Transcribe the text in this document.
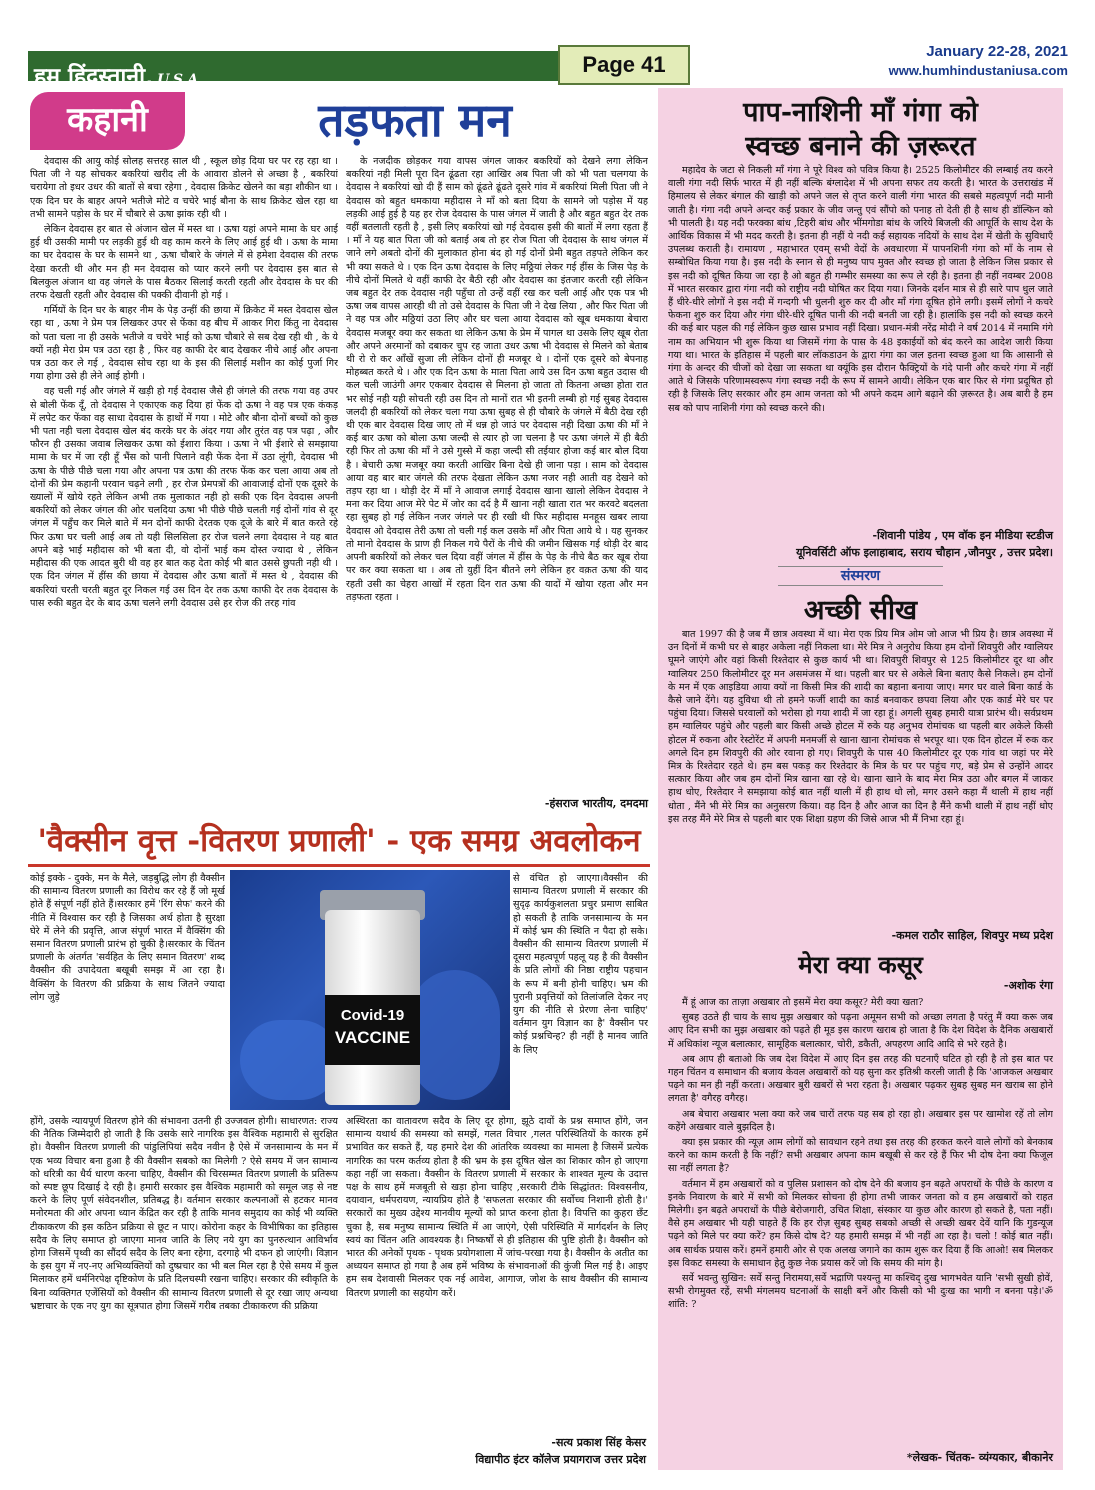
हम हिंदुस्तानी, U.S.A.
Page 41
January 22-28, 2021
www.humhindustaniusa.com
कहानी	तड़फता मन

देवदास की आयु कोई सोलह सत्तरह साल थी , स्कूल छोड़ दिया घर पर रह रहा था । पिता जी ने यह सोचकर बकरियां खरीद ली के आवारा डोलने से अच्छा है , बकरियां चरायेगा तो इधर उधर की बातों से बचा रहेगा , देवदास क्रिकेट खेलने का बड़ा शौकीन था । एक दिन घर के बाहर अपने भतीजे मोटे व चचेरे भाई बौना के साथ क्रिकेट खेल रहा था तभी सामने पड़ोस के घर में चौबारे से ऊषा झांक रही थी ।

लेकिन देवदास हर बात से अंजान खेल में मस्त था । ऊषा यहां अपने मामा के घर आई हुई थी उसकी मामी पर लड़की हुई थी वह काम करने के लिए आई हुई थी । ऊषा के मामा का घर देवदास के घर के सामने था , ऊषा चौबारे के जंगले में से हमेशा देवदास की तरफ देखा करती थी और मन ही मन देवदास को प्यार करने लगी पर देवदास इस बात से बिलकुल अंजान था वह जंगले के पास बैठकर सिलाई करती रहती और देवदास के घर की तरफ देखती रहती और देवदास की पक्की दीवानी हो गई ।

गर्मियों के दिन घर के बाहर नीम के पेड़ उन्हीं की छाया में क्रिकेट में मस्त देवदास खेल रहा था , ऊषा ने प्रेम पत्र लिखकर उपर से फेंका वह बीच में आकर गिरा किंतु ना देवदास को पता चला ना ही उसके भतीजे व चचेरे भाई को ऊषा चौबारे से सब देख रही थी , के ये क्यों नही मेरा प्रेम पत्र उठा रहा है , फिर वह काफी देर बाद देखकर नीचे आई और अपना पत्र उठा कर ले गई , देवदास सोच रहा था के इस की सिलाई मशीन का कोई पुर्जा गिर गया होगा उसे ही लेने आई होगी ।

वह चली गई और जंगले में खड़ी हो गई देवदास जैसे ही जंगले की तरफ गया वह उपर से बोली फेंक दूँ, तो देवदास ने एकाएक कह दिया हां फेंक दो ऊषा ने वह पत्र एक कंकड़ में लपेट कर फेंका वह साधा देवदास के हाथों में गया । मोटे और बौना दोनों बच्चों को कुछ भी पता नही चला देवदास खेल बंद करके घर के अंदर गया और तुरंत वह पत्र पढ़ा , और फौरन ही उसका जवाब लिखकर ऊषा को ईशारा किया । ऊषा ने भी ईशारे से समझाया मामा के घर में जा रही हूँ भैंस को पानी पिलाने वही फेंक देना में उठा लूंगी, देवदास भी ऊषा के पीछे पीछे चला गया और अपना पत्र ऊषा की तरफ फेंक कर चला आया अब तो दोनों की प्रेम कहानी परवान चढ़ने लगी , हर रोज प्रेमपत्रों की आवाजाई दोनों एक दूसरे के ख्यालों में खोये रहते लेकिन अभी तक मुलाकात नही हो सकी एक दिन देवदास अपनी बकरियों को लेकर जंगल की ओर चलदिया ऊषा भी पीछे पीछे चलती गई दोनों गांव से दूर जंगल में पहुँच कर मिले बाते में मन दोनों काफी देरतक एक दूजे के बारे में बात करते रहे फिर ऊषा घर चली आई अब तो यही सिलसिला हर रोज चलने लगा देवदास ने यह बात अपने बड़े भाई महीदास को भी बता दी, वो दोनों भाई कम दोस्त ज्यादा थे , लेकिन महीदास की एक आदत बुरी थी वह हर बात कह देता कोई भी बात उससे छुपती नही थी । एक दिन जंगल में हींस की छाया में देवदास और ऊषा बातों में मस्त थे , देवदास की बकरियां चरती चरती बहुत दूर निकल गई उस दिन देर तक ऊषा काफी देर तक देवदास के पास रुकी बहुत देर के बाद ऊषा चलने लगी देवदास उसे हर रोज की तरह गांव

के नजदीक छोड़कर गया वापस जंगल जाकर बकरियों को देखने लगा लेकिन बकरियां नही मिली पूरा दिन ढूंढता रहा आखिर अब पिता जी को भी पता चलगया के देवदास ने बकरियां खो दी हैं साम को ढूंढते ढूंढते दूसरे गांव में बकरियां मिली पिता जी ने देवदास को बहुत धमकाया महीदास ने माँ को बता दिया के सामने जो पड़ोस में यह लड़की आई हुई है यह हर रोज देवदास के पास जंगल में जाती है और बहुत बहुत देर तक वहीं बतलाती रहती है , इसी लिए बकरियां खो गई देवदास इसी की बातों में लगा रहता हैं । माँ ने यह बात पिता जी को बताई अब तो हर रोज पिता जी देवदास के साथ जंगल में जाने लगे अबतो दोनों की मुलाकात होना बंद हो गई दोनों प्रेमी बहुत तड़पते लेकिन कर भी क्या सकते थे । एक दिन ऊषा देवदास के लिए मठ्ठियां लेकर गई हींस के जिस पेड़ के नीचे दोनों मिलते थे वहीं काफी देर बैठी रही और देवदास का इंतजार करती रही लेकिन जब बहुत देर तक देवदास नही पहुँचा तो उन्हें वहीं रख कर चली आई और एक पत्र भी ऊषा जब वापस आरही थी तो उसे देवदास के पिता जी ने देख लिया , और फिर पिता जी ने वह पत्र और मठ्ठियां उठा लिए और घर चला आया देवदास को खूब धमकाया बेचारा देवदास मजबूर क्या कर सकता था लेकिन ऊषा के प्रेम में पागल था उसके लिए खूब रोता और अपने अरमानों को दबाकर चुप रह जाता उधर ऊषा भी देवदास से मिलने को बेताब थी रो रो कर आँखें सुजा ली लेकिन दोनों ही मजबूर थे । दोनों एक दूसरे को बेपनाह मोहब्बत करते थे । और एक दिन ऊषा के माता पिता आये उस दिन ऊषा बहुत उदास थी कल चली जाउंगी अगर एकबार देवदास से मिलना हो जाता तो कितना अच्छा होता रात भर सोई नही यही सोचती रही उस दिन तो मानों रात भी इतनी लम्बी हो गई सुबह देवदास जलदी ही बकरियों को लेकर चला गया ऊषा सुबह से ही चौबारे के जंगले में बैठी देख रही थी एक बार देवदास दिख जाए तो में धन्न हो जाउं पर देवदास नही दिखा ऊषा की माँ ने कई बार ऊषा को बोला ऊषा जल्दी से त्यार हो जा चलना है पर ऊषा जंगले में ही बैठी रही फिर तो ऊषा की माँ ने उसे गुस्से में कहा जल्दी सी तईयार होजा कई बार बोल दिया है । बेचारी ऊषा मजबूर क्या करती आखिर बिना देखे ही जाना पड़ा । साम को देवदास आया वह बार बार जंगले की तरफ देखता लेकिन ऊषा नजर नही आती वह देखने को तड़प रहा था । थोड़ी देर में माँ ने आवाज लगाई देवदास खाना खालो लेकिन देवदास ने मना कर दिया आज मेरे पेट में जोर का दर्द है मैं खाना नही खाता रात भर करवटे बदलता रहा सुबह हो गई लेकिन नजर जंगले पर ही रखी थी फिर महीदास मनहूस खबर लाया देवदास ओ देवदास तेरी ऊषा तो चली गई कल उसके माँ और पिता आये थे । यह सुनकर तो मानो देवदास के प्राण ही निकल गये पैरों के नीचे की जमीन खिसक गई थोड़ी देर बाद अपनी बकरियों को लेकर चल दिया वहीं जंगल में हींस के पेड़ के नीचे बैठ कर खूब रोया पर कर क्या सकता था । अब तो युहीं दिन बीतने लगे लेकिन हर वक़त ऊषा की याद रहती उसी का चेहरा आखों में रहता दिन रात ऊषा की यादों में खोया रहता और मन तड़फता रहता ।

-हंसराज भारतीय, दमदमा
'वैक्सीन वृत्त -वितरण प्रणाली' - एक समग्र अवलोकन
Covid-19
VACCINE
कोई इक्के - दुक्के, मन के मैले, जड़बुद्धि लोग ही वैक्सीन की सामान्य वितरण प्रणाली का विरोध कर रहे हैं जो मूर्ख होते हैं संपूर्ण नहीं होते हैं।सरकार हमें 'रिंग सेफ' करने की नीति में विश्वास कर रही है जिसका अर्थ होता है सुरक्षा घेरे में लेने की प्रवृत्ति, आज संपूर्ण भारत में वैक्सिंग की समान वितरण प्रणाली प्रारंभ हो चुकी है।सरकार के चिंतन प्रणाली के अंतर्गत 'सर्वहित के लिए समान वितरण' शब्द वैक्सीन की उपादेयता बखूबी समझ में आ रहा है। वैक्सिंग के वितरण की प्रक्रिया के साथ जितने ज्यादा लोग जुड़े
से वंचित हो जाएगा।वैक्सीन की सामान्य वितरण प्रणाली में सरकार की सुदृढ़ कार्यकुशलता प्रचुर प्रमाण साबित हो सकती है ताकि जनसामान्य के मन में कोई भ्रम की स्थिति न पैदा हो सके। वैक्सीन की सामान्य वितरण प्रणाली में दूसरा महत्वपूर्ण पहलू यह है की वैक्सीन के प्रति लोगों की निष्ठा राष्ट्रीय पहचान के रूप में बनी होनी चाहिए। भ्रम की पुरानी प्रवृत्तियों को तिलांजलि देकर नए युग की नीति से प्रेरणा लेना चाहिए' वर्तमान युग विज्ञान का है' वैक्सीन पर कोई प्रश्नचिन्ह? ही नहीं है मानव जाति के लिए
होंगे, उसके न्यायपूर्ण वितरण होने की संभावना उतनी ही उज्जवल होगी। साधारणत: राज्य की नैतिक जिम्मेदारी हो जाती है कि उसके सारे नागरिक इस वैश्विक महामारी से सुरक्षित हो। वैक्सीन वितरण प्रणाली की पांडुलिपियां सदैव नवीन है ऐसे में जनसामान्य के मन में एक भव्य विचार बना हुआ है की वैक्सीन सबको का मिलेगी ? ऐसे समय में जन सामान्य को धरित्री का धैर्य धारण करना चाहिए, वैक्सीन की चिरसम्मत वितरण प्रणाली के प्रतिरूप को स्पष्ट छूप दिखाई दे रही है। हमारी सरकार इस वैश्विक महामारी को समूल जड़ से नष्ट करने के लिए पूर्ण संवेदनशील, प्रतिबद्ध है। वर्तमान सरकार कल्पनाओं से हटकर मानव मनोरमता की ओर अपना ध्यान केंद्रित कर रही है ताकि मानव समुदाय का कोई भी व्यक्ति टीकाकरण की इस कठिन प्रक्रिया से छूट न पाए। कोरोना कहर के विभीषिका का इतिहास सदैव के लिए समाप्त हो जाएगा मानव जाति के लिए नये युग का पुनरुत्थान आविर्भाव होगा जिसमें पृथ्वी का सौंदर्य सदैव के लिए बना रहेगा, दरगाहे भी दफन हो जाएंगी। विज्ञान के इस युग में नए-नए अभिव्यक्तियों को दुष्प्रचार का भी बल मिल रहा है ऐसे समय में कुल मिलाकर हमें धर्मनिरपेक्ष दृष्टिकोण के प्रति दिलचस्पी रखना चाहिए। सरकार की स्वीकृति के बिना व्यक्तिगत एजेंसियों को वैक्सीन की सामान्य वितरण प्रणाली से दूर रखा जाए अन्यथा भ्रष्टाचार के एक नए युग का सूत्रपात होगा जिसमें गरीब तबका टीकाकरण की प्रक्रिया
अस्थिरता का वातावरण सदैव के लिए दूर होगा, झूठे दावों के प्रश्न समाप्त होंगे, जन सामान्य यथार्थ की समस्या को समझें, गलत विचार ,गलत परिस्थितियों के कारक हमें प्रभावित कर सकते हैं, यह हमारे देश की आंतरिक व्यवस्था का मामला है जिसमें प्रत्येक नागरिक का परम कर्तव्य होता है की भ्रम के इस दूषित खेल का शिकार कौन हो जाएगा कहा नहीं जा सकता। वैक्सीन के वितरण प्रणाली में सरकार के शाश्वत मूल्य के उदात्त पक्ष के साथ हमें मजबूती से खड़ा होना चाहिए ,सरकारी टीके सिद्धांतत: विश्वसनीय, दयावान, धर्मपरायण, न्यायप्रिय होते है 'सफलता सरकार की सर्वोच्च निशानी होती है।' सरकारों का मुख्य उद्देश्य मानवीय मूल्यों को प्राप्त करना होता है। विपत्ति का कुहरा छँट चुका है, सब मनुष्य सामान्य स्थिति में आ जाएंगे, ऐसी परिस्थिति में मार्गदर्शन के लिए स्वयं का चिंतन अति आवश्यक है। निष्कर्षों से ही इतिहास की पुष्टि होती है। वैक्सीन को भारत की अनेकों पृथक - पृथक प्रयोगशाला में जांच-परखा गया है। वैक्सीन के अतीत का अध्ययन समाप्त हो गया है अब हमें भविष्य के संभावनाओं की कुंजी मिल गई है। आइए हम सब देशवासी मिलकर एक नई आवेश, आगाज, जोश के साथ वैक्सीन की सामान्य वितरण प्रणाली का सहयोग करें।
-सत्य प्रकाश सिंह केसर
विद्यापीठ इंटर कॉलेज प्रयागराज उत्तर प्रदेश
पाप-नाशिनी माँ गंगा को
स्वच्छ बनाने की ज़रूरत

महादेव के जटा से निकली माँ गंगा ने पूरे विश्व को पवित्र किया है। 2525 किलोमीटर की लम्बाई तय करने वाली गंगा नदी सिर्फ भारत में ही नहीं बल्कि बंग्लादेश में भी अपना सफर तय करती है। भारत के उत्तराखंड में हिमालय से लेकर बंगाल की खाड़ी को अपने जल से तृप्त करने वाली गंगा भारत की सबसे महत्वपूर्ण नदी मानी जाती है। गंगा नदी अपने अन्दर कई प्रकार के जीव जन्तु एवं सौंपो को पनाह तो देती ही है साथ ही डॉल्फिन को भी पालती है। यह नदी फरक्का बांध ,टिहरी बांध और भींमगोडा बांध के जरिये बिजली की आपूर्ति के साथ देश के आर्थिक विकास में भी मदद करती है। इतना ही नहीं ये नदी कई सहायक नदियों के साथ देश में खेती के सुविधाएँ उपलब्ध कराती है। रामायण , महाभारत एवम् सभी वेदों के अवधारणा में पापनशिनी गंगा को माँ के नाम से सम्बोधित किया गया है। इस नदी के स्नान से ही मनुष्य पाप मुक्त और स्वच्छ हो जाता है लेकिन जिस प्रकार से इस नदी को दूषित किया जा रहा है ओ बहुत ही गम्भीर समस्या का रूप ले रही है। इतना ही नहीं नवम्बर 2008 में भारत सरकार द्वारा गंगा नदी को राष्ट्रीय नदी घोषित कर दिया गया। जिनके दर्शन मात्र से ही सारे पाप धुल जाते हैं धीरे-धीरे लोगों ने इस नदी में गन्दगी भी धुलनी शुरु कर दी और माँ गंगा दूषित होने लगी। इसमें लोगों ने कचरे फेकना शुरु कर दिया और गंगा धीरे-धीरे दूषित पानी की नदी बनती जा रही है। हालांकि इस नदी को स्वच्छ करने की कई बार पहल की गई लेकिन कुछ खास प्रभाव नहीं दिखा। प्रधान-मंत्री नरेंद्र मोदी ने वर्ष 2014 में नमामि गंगे नाम का अभियान भी शुरू किया था जिसमें गंगा के पास के 48 इकाईयों को बंद करने का आदेश जारी किया गया था। भारत के इतिहास में पहली बार लॉकडाउन के द्वारा गंगा का जल इतना स्वच्छ हुआ था कि आसानी से गंगा के अन्दर की चीजों को देखा जा सकता था क्यूंकि इस दौरान फैक्ट्रियों के गंदे पानी और कचरे गंगा में नहीं आते थे जिसके परिणामस्वरूप गंगा स्वच्छ नदी के रूप में सामने आयी। लेकिन एक बार फिर से गंगा प्रदूषित हो रही है जिसके लिए सरकार और हम आम जनता को भी अपने कदम आगे बढ़ाने की ज़रूरत है। अब बारी है हम सब को पाप नाशिनी गंगा को स्वच्छ करने की।

-शिवानी पांडेय , एम वॉक इन मीडिया स्टडीज
यूनिवर्सिटी ऑफ इलाहाबाद, सराय चौहान ,जौनपुर , उत्तर प्रदेश।
संस्मरण
अच्छी सीख

बात 1997 की है जब मैं छात्र अवस्था में था। मेरा एक प्रिय मित्र ओम जो आज भी प्रिय है। छात्र अवस्था में उन दिनों में कभी घर से बाहर अकेला नहीं निकला था। मेरे मित्र ने अनुरोध किया हम दोनों शिवपुरी और ग्वालियर घूमने जाएंगे और वहां किसी रिश्तेदार से कुछ कार्य भी था। शिवपुरी शिवपुर से 125 किलोमीटर दूर था और ग्वालियर 250 किलोमीटर दूर मन असमंजस में था। पहली बार घर से अकेले बिना बताए कैसे निकले। हम दोनों के मन में एक आइडिया आया क्यों ना किसी मित्र की शादी का बहाना बनाया जाए। मगर घर वाले बिना कार्ड के कैसे जाने देंगे। यह दुविधा थी तो हमने फर्जी शादी का कार्ड बनवाकर छपवा लिया और एक कार्ड मेरे घर पर पहुंचा दिया। जिससे घरवालों को भरोसा हो गया शादी में जा रहा हूं। अगली सुबह हमारी यात्रा प्रारंभ थी। सर्वप्रथम हम ग्वालियर पहुंचे और पहली बार किसी अच्छे होटल में रुके यह अनुभव रोमांचक था पहली बार अकेले किसी होटल में रुकना और रेस्टोरेंट में अपनी मनमर्जी से खाना खाना रोमांचक से भरपूर था। एक दिन होटल में रुक कर अगले दिन हम शिवपुरी की ओर रवाना हो गए। शिवपुरी के पास 40 किलोमीटर दूर एक गांव था जहां पर मेरे मित्र के रिश्तेदार रहते थे। हम बस पकड़ कर रिश्तेदार के मित्र के घर पर पहुंच गए, बड़े प्रेम से उन्होंने आदर सत्कार किया और जब हम दोनों मित्र खाना खा रहे थे। खाना खाने के बाद मेरा मित्र उठा और बगल में जाकर हाथ धोए, रिश्तेदार ने समझाया कोई बात नहीं थाली में ही हाथ धो लो, मगर उसने कहा मैं थाली में हाथ नहीं धोता , मैंने भी मेरे मित्र का अनुसरण किया। वह दिन है और आज का दिन है मैंने कभी थाली में हाथ नहीं धोए इस तरह मैंने मेरे मित्र से पहली बार एक शिक्षा ग्रहण की जिसे आज भी मैं निभा रहा हूं।

-कमल राठौर साहिल, शिवपुर मध्य प्रदेश
मेरा क्या कसूर
-अशोक रंगा

मैं हूं आज का ताज़ा अखबार तो इसमें मेरा क्या कसूर? मेरी क्या खता?

सुबह उठते ही चाय के साथ मुझ अखबार को पढ़ना अमूमन सभी को अच्छा लगता है परंतु मैं क्या करू जब आए दिन सभी का मुझ अखबार को पढ़ते ही मूड इस कारण खराब हो जाता है कि देश विदेश के दैनिक अखबारों में अधिकांश न्यूज बलात्कार, सामूहिक बलात्कार, चोरी, डकैती, अपहरण आदि आदि से भरे रहते है।

अब आप ही बताओ कि जब देश विदेश में आए दिन इस तरह की घटनाएँ घटित हो रही है तो इस बात पर गहन चिंतन व समाधान की बजाय केवल अखबारों को यह सुना कर इतिश्री करली जाती है कि 'आजकल अखबार पढ़ने का मन ही नहीं करता। अखबार बुरी खबरों से भरा रहता है। अखबार पढ़कर सुबह सुबह मन खराब सा होने लगता है' वगैरह वगैरह।

अब बेचारा अखबार भला क्या करे जब चारों तरफ यह सब हो रहा हो। अखबार इस पर खामोश रहें तो लोग कहेंगे अखबार वाले बुझदिल है।

क्या इस प्रकार की न्यूज़ आम लोगों को सावधान रहने तथा इस तरह की हरकत करने वाले लोगों को बेनकाब करने का काम करती है कि नहीं? सभी अखबार अपना काम बखूबी से कर रहे हैं फिर भी दोष देना क्या फिजूल सा नहीं लगता है?

वर्तमान में हम अखबारों को व पुलिस प्रशासन को दोष देने की बजाय इन बढ़ते अपराधों के पीछे के कारण व इनके निवारण के बारे में सभी को मिलकर सोचना ही होगा तभी जाकर जनता को व हम अखबारों को राहत मिलेगी। इन बढ़ते अपराधों के पीछे बेरोजगारी, उचित शिक्षा, संस्कार या कुछ और कारण हो सकते है, पता नहीं। वैसे हम अखबार भी यही चाहते हैं कि हर रोज़ सुबह सुबह सबको अच्छी से अच्छी खबर देवें यानि कि गुडन्यूज पढ़ने को मिले पर क्या करें? हम किसे दोष दे? यह हमारी समझ में भी नहीं आ रहा है। चलो ! कोई बात नहीं। अब सार्थक प्रयास करें। हमनें हमारी ओर से एक अलख जगाने का काम शुरू कर दिया हैं कि आओ! सब मिलकर इस विकट समस्या के समाधान हेतु कुछ नेक प्रयास करें जो कि समय की मांग है।

सर्वे भवन्तु सुखिन: सर्वे सन्तु निरामया,सर्वे भद्राणि पश्यन्तु मा कश्चिद् दुख भागभवेत यानि 'सभी सुखी होवें, सभी रोगमुक्त रहें, सभी मंगलमय घटनाओं के साक्षी बनें और किसी को भी दुःख का भागी न बनना पड़े।'ॐ शांति: ?

*लेखक- चिंतक- व्यंग्यकार, बीकानेर
